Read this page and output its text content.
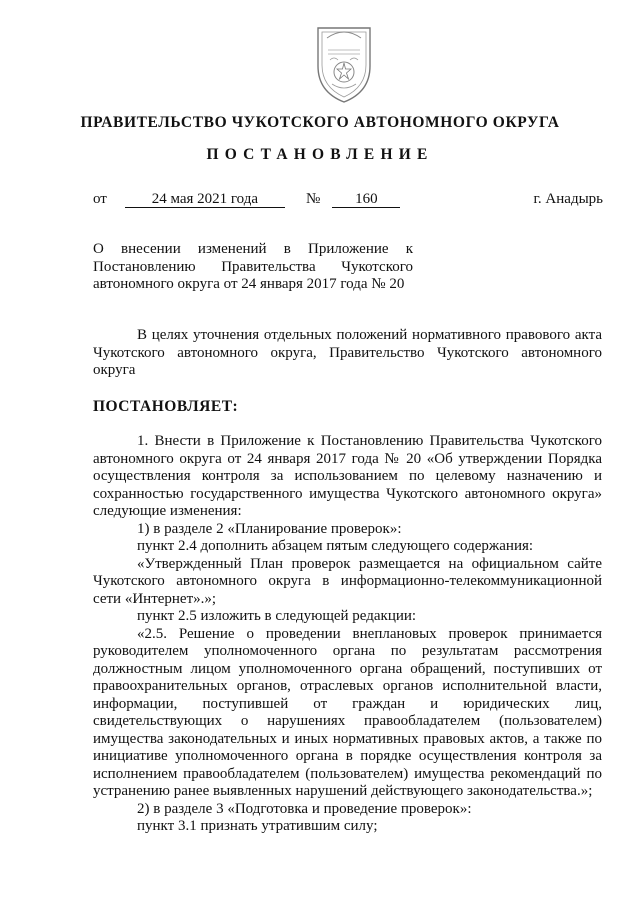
ПРАВИТЕЛЬСТВО ЧУКОТСКОГО АВТОНОМНОГО ОКРУГА
ПОСТАНОВЛЕНИЕ
от	24 мая 2021 года	№ 160	г. Анадырь
О внесении изменений в Приложение к Постановлению Правительства Чукотского
автономного округа от 24 января 2017 года № 20

В целях уточнения отдельных положений нормативного правового акта Чукотского автономного округа, Правительство Чукотского автономного округа

ПОСТАНОВЛЯЕТ:

1. Внести в Приложение к Постановлению Правительства Чукотского автономного округа от 24 января 2017 года № 20 «Об утверждении Порядка осуществления контроля за использованием по целевому назначению и сохранностью государственного имущества Чукотского автономного округа» следующие изменения:

1) в разделе 2 «Планирование проверок»:

пункт 2.4 дополнить абзацем пятым следующего содержания:

«Утвержденный План проверок размещается на официальном сайте Чукотского автономного округа в информационно-телекоммуникационной сети «Интернет».»;

пункт 2.5 изложить в следующей редакции:

«2.5. Решение о проведении внеплановых проверок принимается руководителем уполномоченного органа по результатам рассмотрения должностным лицом уполномоченного органа обращений, поступивших от правоохранительных органов, отраслевых органов исполнительной власти, информации, поступившей от граждан и юридических лиц, свидетельствующих о нарушениях правообладателем (пользователем) имущества законодательных и иных нормативных правовых актов, а также по инициативе уполномоченного органа в порядке осуществления контроля за исполнением правообладателем (пользователем) имущества рекомендаций по устранению ранее выявленных нарушений действующего законодательства.»;

2) в разделе 3 «Подготовка и проведение проверок»:

пункт 3.1 признать утратившим силу;
